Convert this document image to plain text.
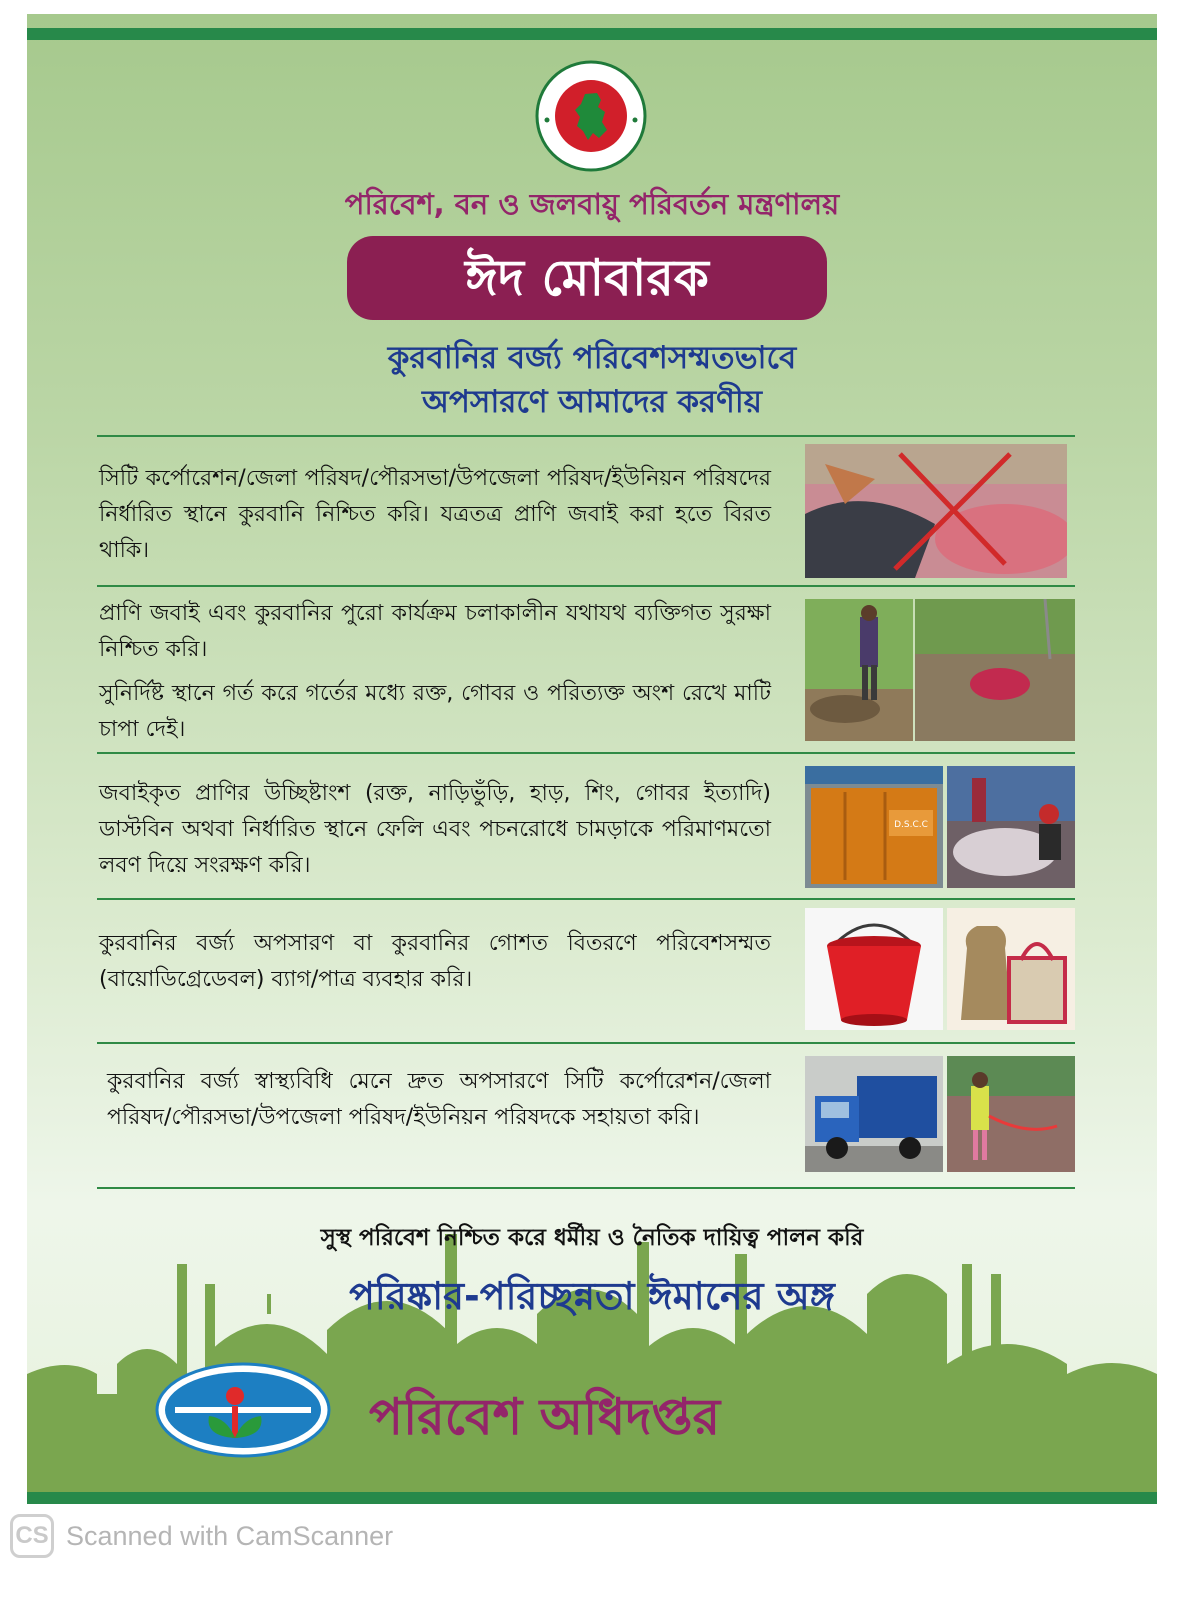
পরিবেশ, বন ও জলবায়ু পরিবর্তন মন্ত্রণালয়
ঈদ মোবারক
কুরবানির বর্জ্য পরিবেশসম্মতভাবে
অপসারণে আমাদের করণীয়

সিটি কর্পোরেশন/জেলা পরিষদ/পৌরসভা/উপজেলা পরিষদ/ইউনিয়ন পরিষদের নির্ধারিত স্থানে কুরবানি নিশ্চিত করি। যত্রতত্র প্রাণি জবাই করা হতে বিরত থাকি।

প্রাণি জবাই এবং কুরবানির পুরো কার্যক্রম চলাকালীন যথাযথ ব্যক্তিগত সুরক্ষা নিশ্চিত করি।

সুনির্দিষ্ট স্থানে গর্ত করে গর্তের মধ্যে রক্ত, গোবর ও পরিত্যক্ত অংশ রেখে মাটি চাপা দেই।

জবাইকৃত প্রাণির উচ্ছিষ্টাংশ (রক্ত, নাড়িভুঁড়ি, হাড়, শিং, গোবর ইত্যাদি) ডাস্টবিন অথবা নির্ধারিত স্থানে ফেলি এবং পচনরোধে চামড়াকে পরিমাণমতো লবণ দিয়ে সংরক্ষণ করি।

D.S.C.C

কুরবানির বর্জ্য অপসারণ বা কুরবানির গোশত বিতরণে পরিবেশসম্মত (বায়োডিগ্রেডেবল) ব্যাগ/পাত্র ব্যবহার করি।

কুরবানির বর্জ্য স্বাস্থ্যবিধি মেনে দ্রুত অপসারণে সিটি কর্পোরেশন/জেলা পরিষদ/পৌরসভা/উপজেলা পরিষদ/ইউনিয়ন পরিষদকে সহায়তা করি।

সুস্থ পরিবেশ নিশ্চিত করে ধর্মীয় ও নৈতিক দায়িত্ব পালন করি
পরিষ্কার-পরিচ্ছন্নতা ঈমানের অঙ্গ
পরিবেশ অধিদপ্তর
CS Scanned with CamScanner
